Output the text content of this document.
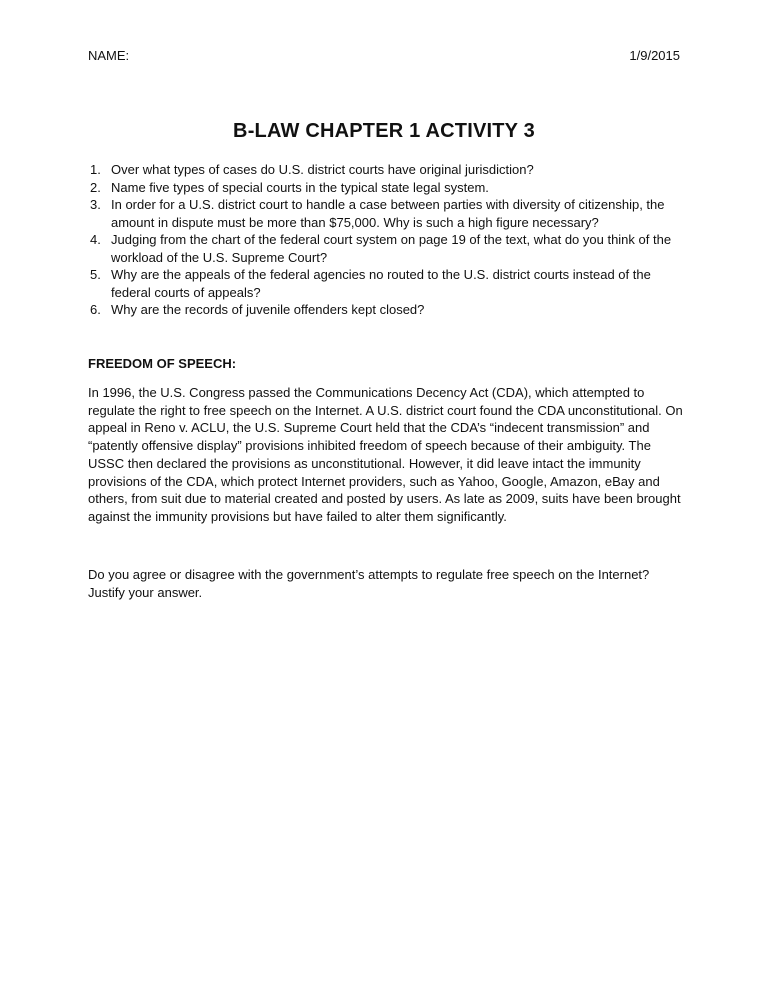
NAME:	1/9/2015
B-LAW CHAPTER 1 ACTIVITY 3
1. Over what types of cases do U.S. district courts have original jurisdiction?
2. Name five types of special courts in the typical state legal system.
3. In order for a U.S. district court to handle a case between parties with diversity of citizenship, the amount in dispute must be more than $75,000. Why is such a high figure necessary?
4. Judging from the chart of the federal court system on page 19 of the text, what do you think of the workload of the U.S. Supreme Court?
5. Why are the appeals of the federal agencies no routed to the U.S. district courts instead of the federal courts of appeals?
6. Why are the records of juvenile offenders kept closed?
FREEDOM OF SPEECH:

In 1996, the U.S. Congress passed the Communications Decency Act (CDA), which attempted to regulate the right to free speech on the Internet. A U.S. district court found the CDA unconstitutional. On appeal in Reno v. ACLU, the U.S. Supreme Court held that the CDA’s “indecent transmission” and “patently offensive display” provisions inhibited freedom of speech because of their ambiguity. The USSC then declared the provisions as unconstitutional. However, it did leave intact the immunity provisions of the CDA, which protect Internet providers, such as Yahoo, Google, Amazon, eBay and others, from suit due to material created and posted by users. As late as 2009, suits have been brought against the immunity provisions but have failed to alter them significantly.

Do you agree or disagree with the government’s attempts to regulate free speech on the Internet? Justify your answer.
